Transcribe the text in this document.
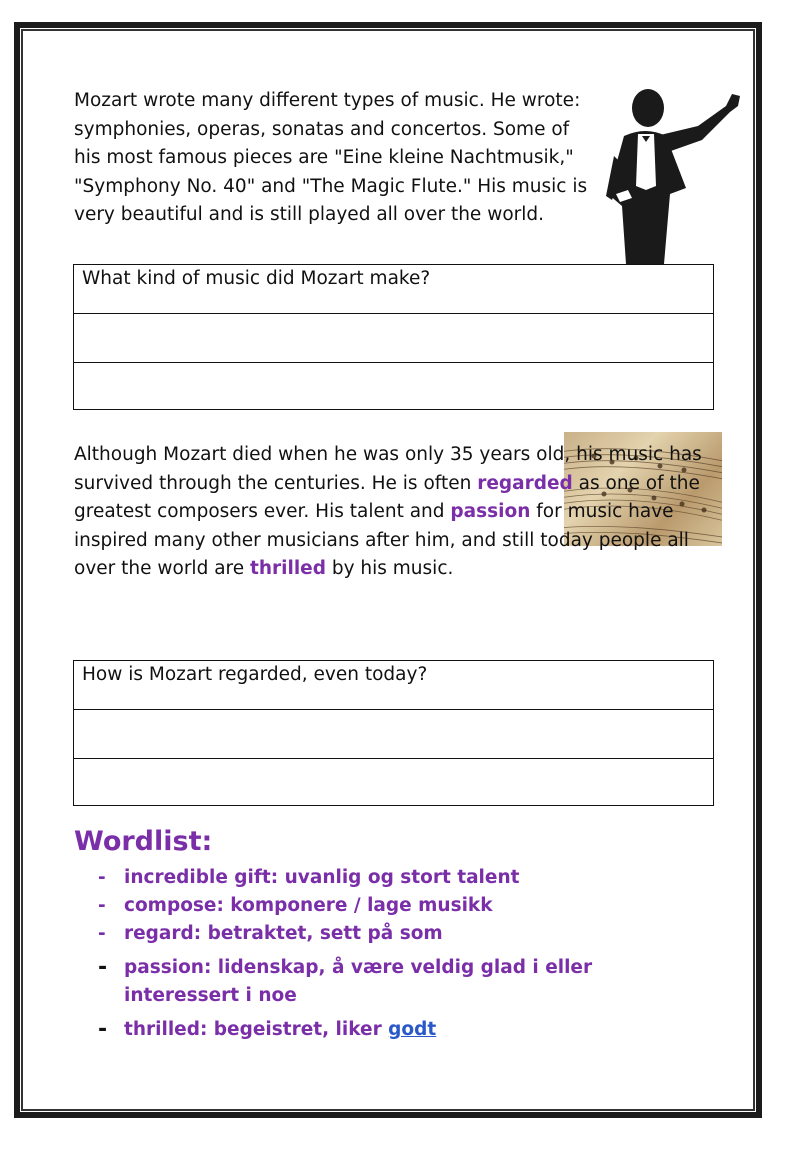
Mozart wrote many different types of music. He wrote: symphonies, operas, sonatas and concertos. Some of his most famous pieces are "Eine kleine Nachtmusik," "Symphony No. 40" and "The Magic Flute." His music is very beautiful and is still played all over the world.

What kind of music did Mozart make?

Although Mozart died when he was only 35 years old, his music has survived through the centuries. He is often regarded as one of the greatest composers ever. His talent and passion for music have inspired many other musicians after him, and still today people all over the world are thrilled by his music.

How is Mozart regarded, even today?
Wordlist:
- incredible gift: uvanlig og stort talent
- compose: komponere / lage musikk
- regard: betraktet, sett på som
- passion: lidenskap, å være veldig glad i eller interessert i noe
- thrilled: begeistret, liker godt
